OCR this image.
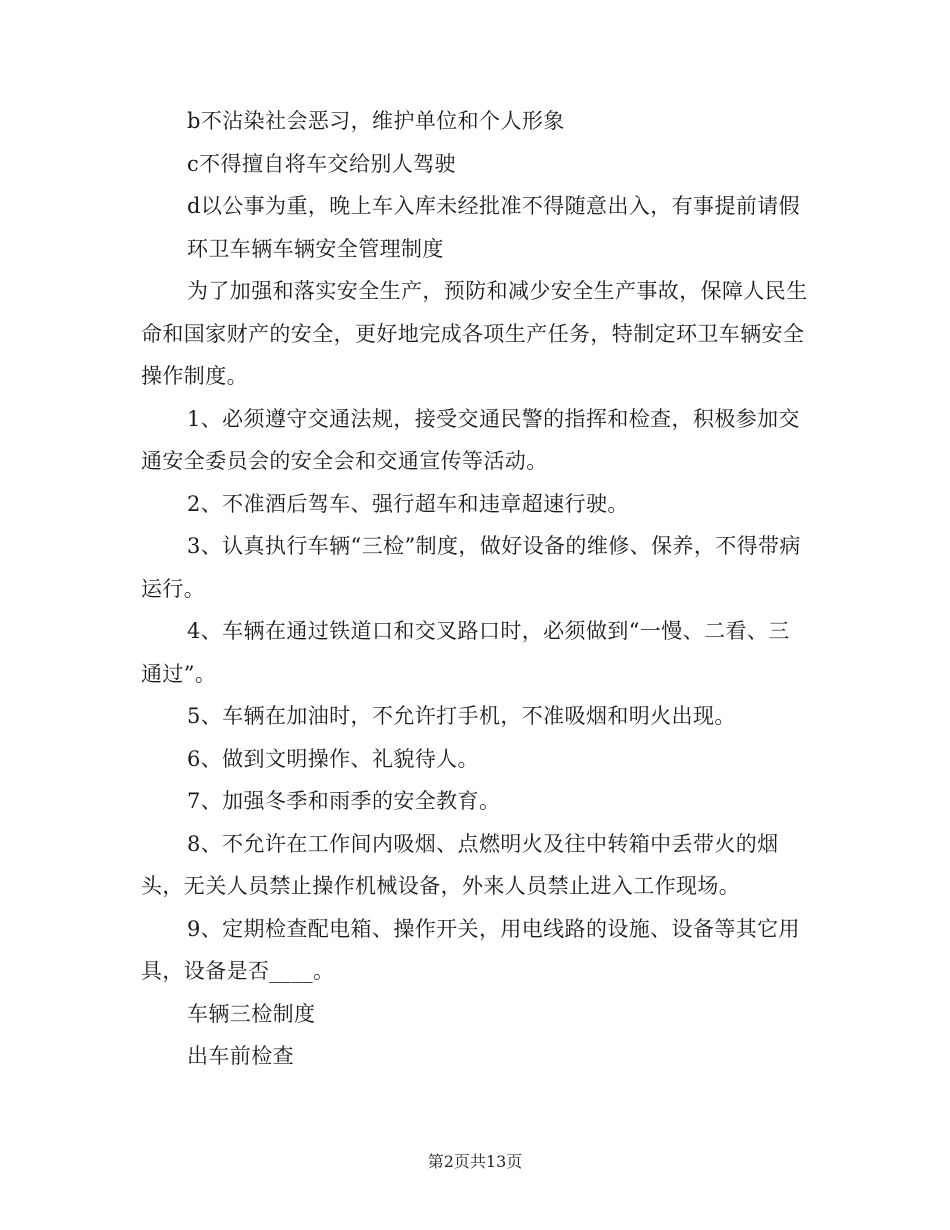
b不沾染社会恶习，维护单位和个人形象

c不得擅自将车交给别人驾驶

d以公事为重，晚上车入库未经批准不得随意出入，有事提前请假

环卫车辆车辆安全管理制度

为了加强和落实安全生产，预防和减少安全生产事故，保障人民生命和国家财产的安全，更好地完成各项生产任务，特制定环卫车辆安全操作制度。

1、必须遵守交通法规，接受交通民警的指挥和检查，积极参加交通安全委员会的安全会和交通宣传等活动。

2、不准酒后驾车、强行超车和违章超速行驶。

3、认真执行车辆“三检”制度，做好设备的维修、保养，不得带病运行。

4、车辆在通过铁道口和交叉路口时，必须做到“一慢、二看、三通过”。

5、车辆在加油时，不允许打手机，不准吸烟和明火出现。

6、做到文明操作、礼貌待人。

7、加强冬季和雨季的安全教育。

8、不允许在工作间内吸烟、点燃明火及往中转箱中丢带火的烟头，无关人员禁止操作机械设备，外来人员禁止进入工作现场。

9、定期检查配电箱、操作开关，用电线路的设施、设备等其它用具，设备是否____。

车辆三检制度

出车前检查

第2页共13页
